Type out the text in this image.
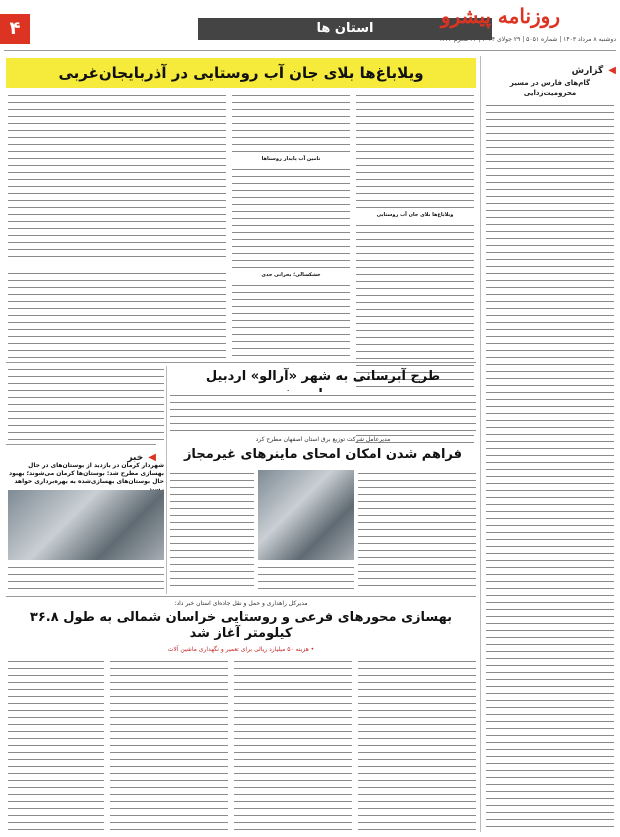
۴	استان ها
روزنامه پیشرو
دوشنبه ۸ مرداد ۱۴۰۳ | شماره ۵۰۵۱ | ۲۹ جولای ۲۰۲۴ | ۲۲ محرم ۱۴۴۶
ویلاباغ‌ها بلای جان آب روستایی در آذربایجان‌غربی	◀ گزارش
گام‌های فارس در مسیر محرومیت‌زدایی
ویلاباغ‌ها بلای جان آب روستایی
تامین آب پایدار روستاها
خشکسالی؛ بحرانی جدی
طرح آبرسانی به شهر «آرالو» اردبیل
مدیرعامل شرکت توزیع برق استان اصفهان مطرح کرد
فراهم شدن امکان امحای ماینرهای غیرمجاز
◀ خبر
شهردار کرمان در بازدید از بوستان‌های در حال بهسازی مطرح شد: بوستان‌ها کرمان می‌شوند؛ بهبود حال بوستان‌های بهسازی‌شده به بهره‌برداری خواهد
مدیرکل راهداری و حمل و نقل جاده‌ای استان خبر داد:
بهسازی محورهای فرعی و روستایی خراسان شمالی به طول ۳۶.۸ کیلومتر آغاز شد
• هزینه ۵۰ میلیارد ریالی برای تعمیر و نگهداری ماشین آلات
